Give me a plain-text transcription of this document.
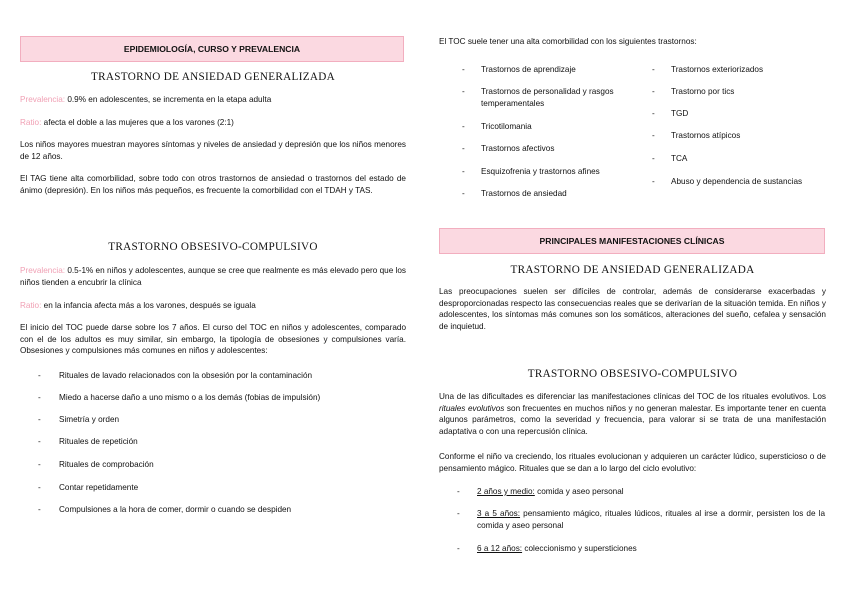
EPIDEMIOLOGÍA, CURSO Y PREVALENCIA
TRASTORNO DE ANSIEDAD GENERALIZADA
Prevalencia: 0.9% en adolescentes, se incrementa en la etapa adulta
Ratio: afecta el doble a las mujeres que a los varones (2:1)
Los niños mayores muestran mayores síntomas y niveles de ansiedad y depresión que los niños menores de 12 años.
El TAG tiene alta comorbilidad, sobre todo con otros trastornos de ansiedad o trastornos del estado de ánimo (depresión). En los niños más pequeños, es frecuente la comorbilidad con el TDAH y TAS.
TRASTORNO OBSESIVO-COMPULSIVO
Prevalencia: 0.5-1% en niños y adolescentes, aunque se cree que realmente es más elevado pero que los niños tienden a encubrir la clínica
Ratio: en la infancia afecta más a los varones, después se iguala
El inicio del TOC puede darse sobre los 7 años. El curso del TOC en niños y adolescentes, comparado con el de los adultos es muy similar, sin embargo, la tipología de obsesiones y compulsiones varía. Obsesiones y compulsiones más comunes en niños y adolescentes:
- Rituales de lavado relacionados con la obsesión por la contaminación
- Miedo a hacerse daño a uno mismo o a los demás (fobias de impulsión)
- Simetría y orden
- Rituales de repetición
- Rituales de comprobación
- Contar repetidamente
- Compulsiones a la hora de comer, dormir o cuando se despiden
El TOC suele tener una alta comorbilidad con los siguientes trastornos:
- Trastornos de aprendizaje
- Trastornos de personalidad y rasgos temperamentales
- Tricotilomania
- Trastornos afectivos
- Esquizofrenia y trastornos afines
- Trastornos de ansiedad
- Trastornos exteriorizados
- Trastorno por tics
- TGD
- Trastornos atípicos
- TCA
- Abuso y dependencia de sustancias
PRINCIPALES MANIFESTACIONES CLÍNICAS
TRASTORNO DE ANSIEDAD GENERALIZADA
Las preocupaciones suelen ser difíciles de controlar, además de considerarse exacerbadas y desproporcionadas respecto las consecuencias reales que se derivarían de la situación temida. En niños y adolescentes, los síntomas más comunes son los somáticos, alteraciones del sueño, cefalea y sensación de inquietud.
TRASTORNO OBSESIVO-COMPULSIVO
Una de las dificultades es diferenciar las manifestaciones clínicas del TOC de los rituales evolutivos. Los rituales evolutivos son frecuentes en muchos niños y no generan malestar. Es importante tener en cuenta algunos parámetros, como la severidad y frecuencia, para valorar si se trata de una manifestación adaptativa o con una repercusión clínica.
Conforme el niño va creciendo, los rituales evolucionan y adquieren un carácter lúdico, supersticioso o de pensamiento mágico. Rituales que se dan a lo largo del ciclo evolutivo:
- 2 años y medio: comida y aseo personal
- 3 a 5 años: pensamiento mágico, rituales lúdicos, rituales al irse a dormir, persisten los de la comida y aseo personal
- 6 a 12 años: coleccionismo y supersticiones
